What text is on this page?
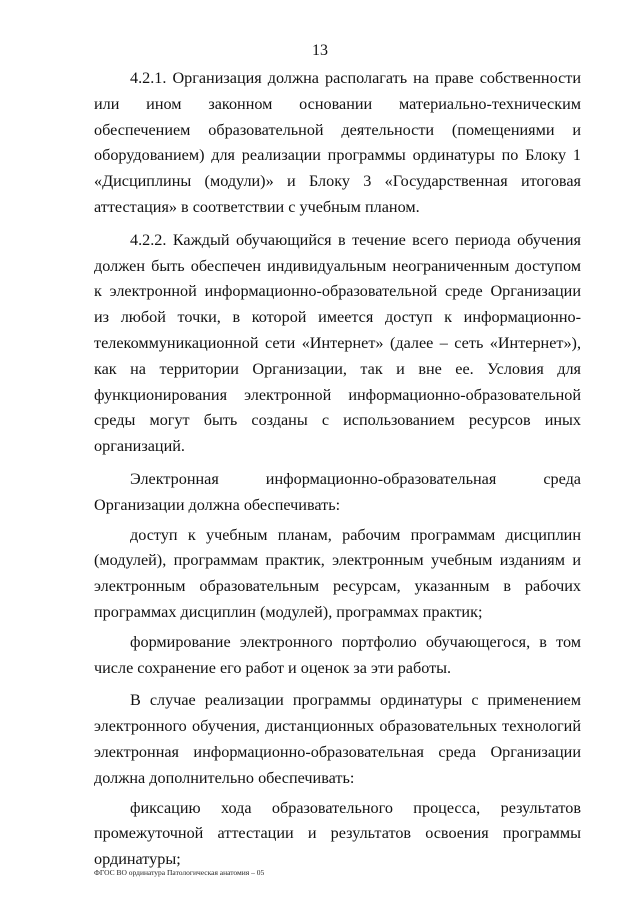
13

4.2.1. Организация должна располагать на праве собственности или ином законном основании материально-техническим обеспечением образовательной деятельности (помещениями и оборудованием) для реализации программы ординатуры по Блоку 1 «Дисциплины (модули)» и Блоку 3 «Государственная итоговая аттестация» в соответствии с учебным планом.

4.2.2. Каждый обучающийся в течение всего периода обучения должен быть обеспечен индивидуальным неограниченным доступом к электронной информационно-образовательной среде Организации из любой точки, в которой имеется доступ к информационно-телекоммуникационной сети «Интернет» (далее – сеть «Интернет»), как на территории Организации, так и вне ее. Условия для функционирования электронной информационно-образовательной среды могут быть созданы с использованием ресурсов иных организаций.

Электронная информационно-образовательная среда Организации должна обеспечивать:

доступ к учебным планам, рабочим программам дисциплин (модулей), программам практик, электронным учебным изданиям и электронным образовательным ресурсам, указанным в рабочих программах дисциплин (модулей), программах практик;

формирование электронного портфолио обучающегося, в том числе сохранение его работ и оценок за эти работы.

В случае реализации программы ординатуры с применением электронного обучения, дистанционных образовательных технологий электронная информационно-образовательная среда Организации должна дополнительно обеспечивать:

фиксацию хода образовательного процесса, результатов промежуточной аттестации и результатов освоения программы ординатуры;

ФГОС ВО ординатура Патологическая анатомия – 05
